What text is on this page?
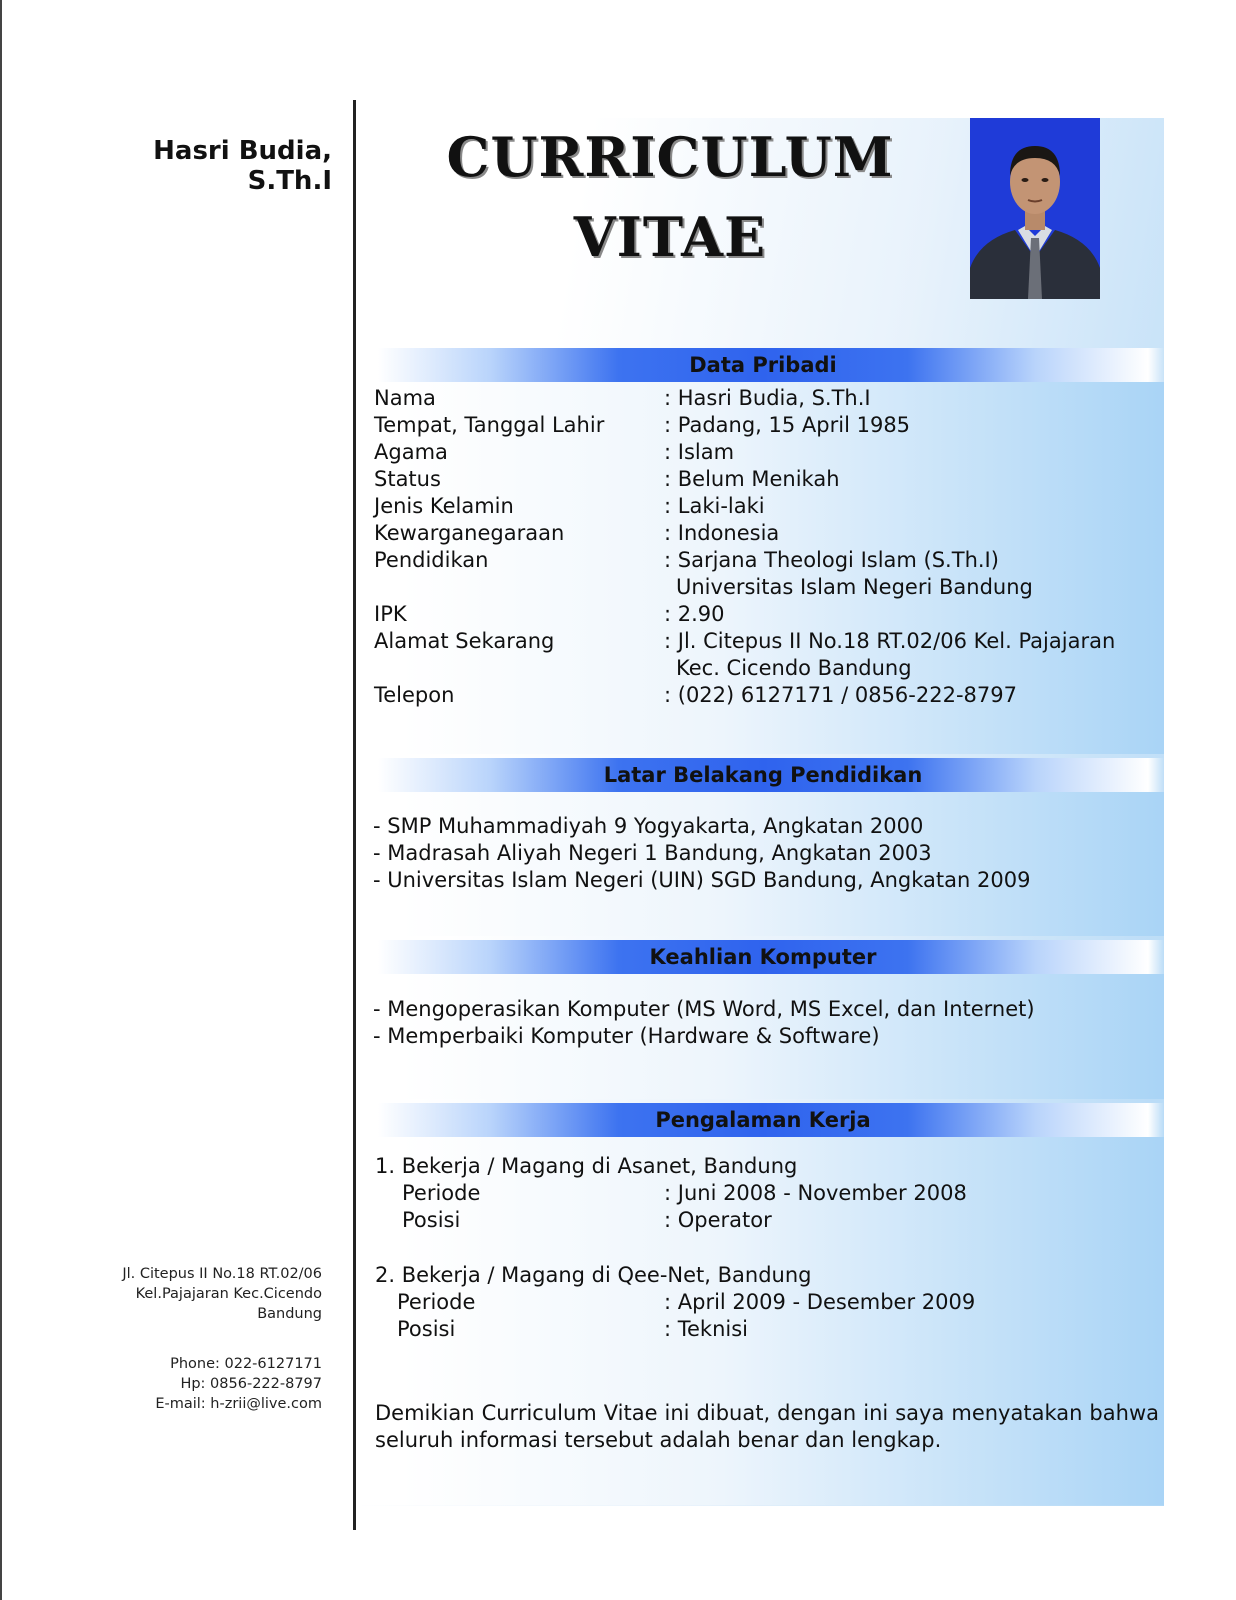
Hasri Budia, S.Th.I
Jl. Citepus II No.18 RT.02/06
Kel.Pajajaran Kec.Cicendo
Bandung
Phone: 022-6127171
Hp: 0856-222-8797
E-mail: h-zrii@live.com
CURRICULUM
VITAE
Data Pribadi
Nama	: Hasri Budia, S.Th.I
Tempat, Tanggal Lahir	: Padang, 15 April 1985
Agama	: Islam
Status	: Belum Menikah
Jenis Kelamin	: Laki-laki
Kewarganegaraan	: Indonesia
Pendidikan	: Sarjana Theologi Islam (S.Th.I)
Universitas Islam Negeri Bandung
IPK	: 2.90
Alamat Sekarang	: Jl. Citepus II No.18 RT.02/06 Kel. Pajajaran
Kec. Cicendo Bandung
Telepon	: (022) 6127171 / 0856-222-8797
Latar Belakang Pendidikan
- SMP Muhammadiyah 9 Yogyakarta, Angkatan 2000
- Madrasah Aliyah Negeri 1 Bandung, Angkatan 2003
- Universitas Islam Negeri (UIN) SGD Bandung, Angkatan 2009
Keahlian Komputer
- Mengoperasikan Komputer (MS Word, MS Excel, dan Internet)
- Memperbaiki Komputer (Hardware & Software)
Pengalaman Kerja
1. Bekerja / Magang di Asanet, Bandung
Periode	: Juni 2008 - November 2008
Posisi	: Operator
2. Bekerja / Magang di Qee-Net, Bandung
Periode	: April 2009 - Desember 2009
Posisi	: Teknisi
Demikian Curriculum Vitae ini dibuat, dengan ini saya menyatakan bahwa seluruh informasi tersebut adalah benar dan lengkap.
